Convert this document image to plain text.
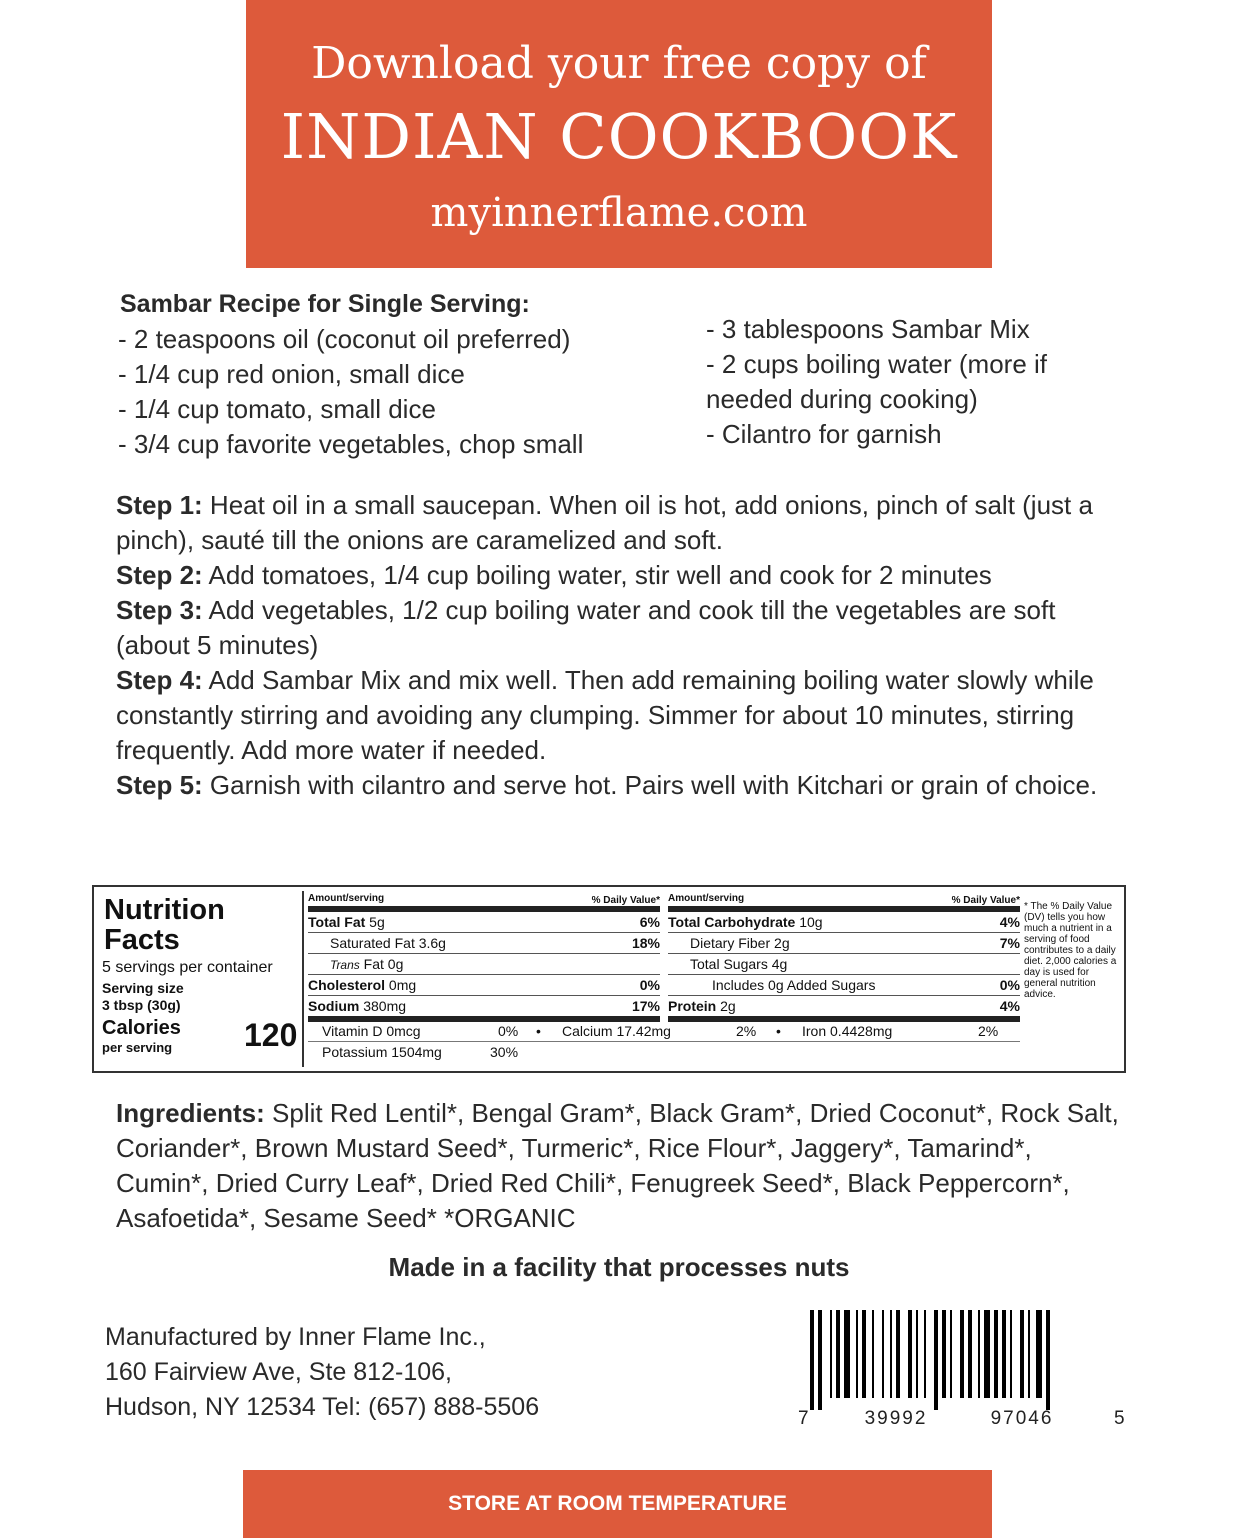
Download your free copy of
INDIAN COOKBOOK
myinnerflame.com
Sambar Recipe for Single Serving:
- 2 teaspoons oil (coconut oil preferred)
- 1/4 cup red onion, small dice
- 1/4 cup tomato, small dice
- 3/4 cup favorite vegetables, chop small
- 3 tablespoons Sambar Mix
- 2 cups boiling water (more if needed during cooking)
- Cilantro for garnish
Step 1: Heat oil in a small saucepan. When oil is hot, add onions, pinch of salt (just a pinch), sauté till the onions are caramelized and soft.
Step 2: Add tomatoes, 1/4 cup boiling water, stir well and cook for 2 minutes
Step 3: Add vegetables, 1/2 cup boiling water and cook till the vegetables are soft (about 5 minutes)
Step 4: Add Sambar Mix and mix well. Then add remaining boiling water slowly while constantly stirring and avoiding any clumping. Simmer for about 10 minutes, stirring frequently. Add more water if needed.
Step 5: Garnish with cilantro and serve hot. Pairs well with Kitchari or grain of choice.
Nutrition Facts
5 servings per container
Serving size
3 tbsp (30g)
Calories
per serving 120
Amount/serving	% Daily Value*
Total Fat 5g	6%
Saturated Fat 3.6g	18%
Trans Fat 0g
Cholesterol 0mg	0%
Sodium 380mg	17%
Amount/serving	% Daily Value*
Total Carbohydrate 10g	4%
Dietary Fiber 2g	7%
Total Sugars 4g
Includes 0g Added Sugars	0%
Protein 2g	4%
Vitamin D 0mcg	0% • Calcium 17.42mg	2% • Iron 0.4428mg	2%
Potassium 1504mg	30%
* The % Daily Value (DV) tells you how much a nutrient in a serving of food contributes to a daily diet. 2,000 calories a day is used for general nutrition advice.
Ingredients: Split Red Lentil*, Bengal Gram*, Black Gram*, Dried Coconut*, Rock Salt, Coriander*, Brown Mustard Seed*, Turmeric*, Rice Flour*, Jaggery*, Tamarind*, Cumin*, Dried Curry Leaf*, Dried Red Chili*, Fenugreek Seed*, Black Peppercorn*, Asafoetida*, Sesame Seed* *ORGANIC
Made in a facility that processes nuts
Manufactured by Inner Flame Inc.,
160 Fairview Ave, Ste 812-106,
Hudson, NY 12534 Tel: (657) 888-5506	7	39992	97046	5
STORE AT ROOM TEMPERATURE
